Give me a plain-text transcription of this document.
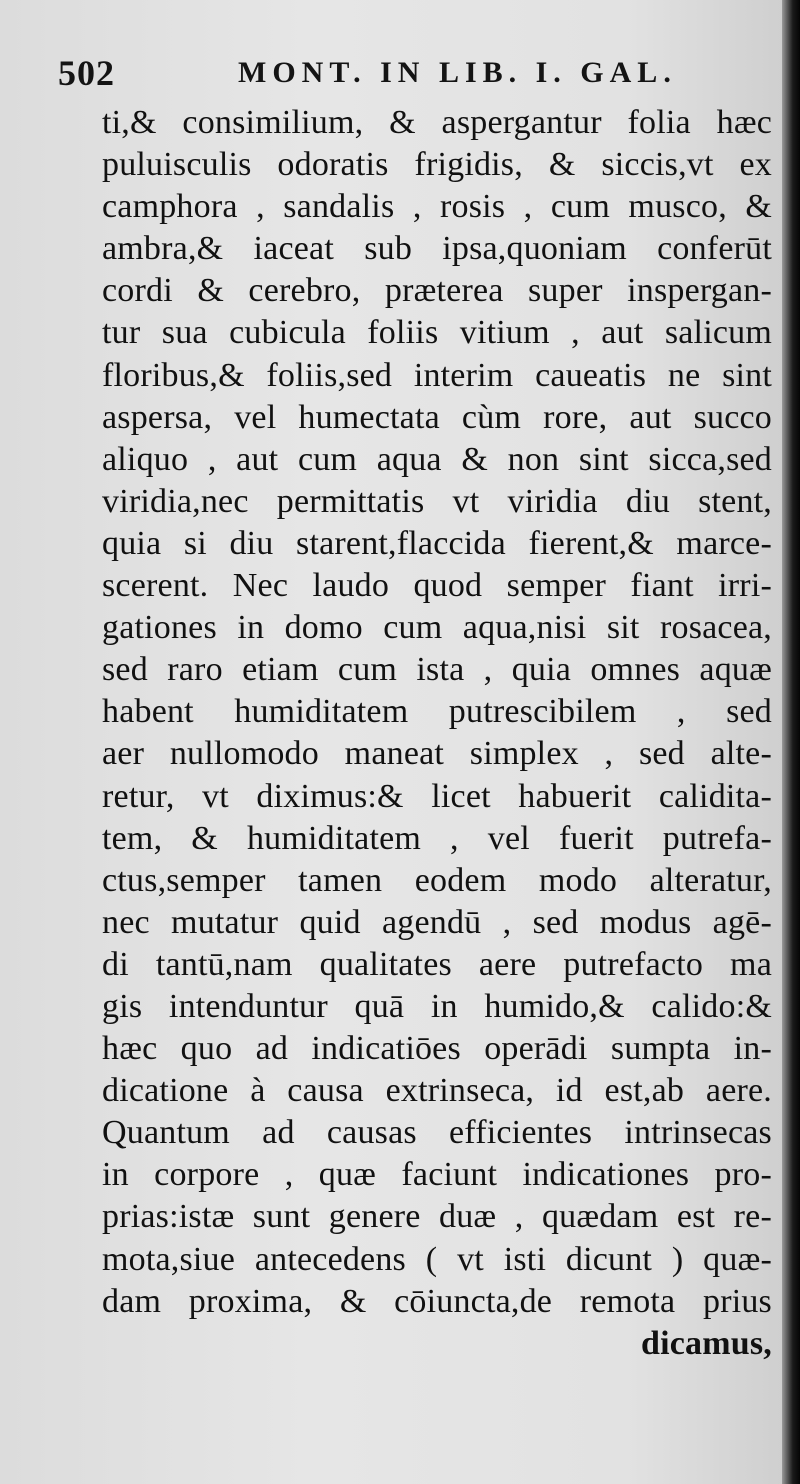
502	MONT. IN LIB. I. GAL.
ti,& consimilium, & aspergantur folia hæc
puluisculis odoratis frigidis, & siccis,vt ex
camphora , sandalis , rosis , cum musco, &
ambra,& iaceat sub ipsa,quoniam conferūt
cordi & cerebro, præterea super inspergan-
tur sua cubicula foliis vitium , aut salicum
floribus,& foliis,sed interim caueatis ne sint
aspersa, vel humectata cùm rore, aut succo
aliquo , aut cum aqua & non sint sicca,sed
viridia,nec permittatis vt viridia diu stent,
quia si diu starent,flaccida fierent,& marce-
scerent. Nec laudo quod semper fiant irri-
gationes in domo cum aqua,nisi sit rosacea,
sed raro etiam cum ista , quia omnes aquæ
habent humiditatem putrescibilem , sed
aer nullomodo maneat simplex , sed alte-
retur, vt diximus:& licet habuerit calidita-
tem, & humiditatem , vel fuerit putrefa-
ctus,semper tamen eodem modo alteratur,
nec mutatur quid agendū , sed modus agē-
di tantū,nam qualitates aere putrefacto ma
gis intenduntur quā in humido,& calido:&
hæc quo ad indicatiōes operādi sumpta in-
dicatione à causa extrinseca, id est,ab aere.
Quantum ad causas efficientes intrinsecas
in corpore , quæ faciunt indicationes pro-
prias:istæ sunt genere duæ , quædam est re-
mota,siue antecedens ( vt isti dicunt ) quæ-
dam proxima, & cōiuncta,de remota prius
dicamus,
